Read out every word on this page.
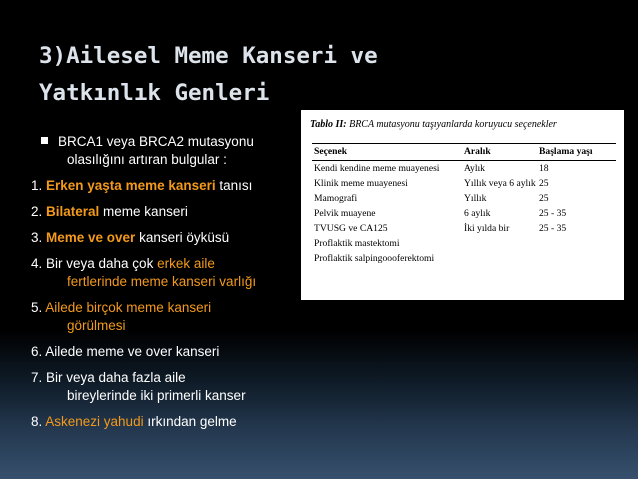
3)Ailesel Meme Kanseri ve
Yatkınlık Genleri
BRCA1 veya BRCA2 mutasyonu
olasılığını artıran bulgular :
1. Erken yaşta meme kanseri tanısı
2. Bilateral meme kanseri
3. Meme ve over kanseri öyküsü
4. Bir veya daha çok erkek aile
fertlerinde meme kanseri varlığı
5. Ailede birçok meme kanseri
görülmesi
6. Ailede meme ve over kanseri
7. Bir veya daha fazla aile
bireylerinde iki primerli kanser
8. Askenezi yahudi ırkından gelme
Tablo II: BRCA mutasyonu taşıyanlarda koruyucu seçenekler
Seçenek	Aralık	Başlama yaşı
Kendi kendine meme muayenesi	Aylık	18
Klinik meme muayenesi	Yıllık veya 6 aylık 25
Mamografi	Yıllık	25
Pelvik muayene	6 aylık	25 - 35
TVUSG ve CA125	İki yılda bir	25 - 35
Proflaktik mastektomi
Proflaktik salpingoooferektomi
